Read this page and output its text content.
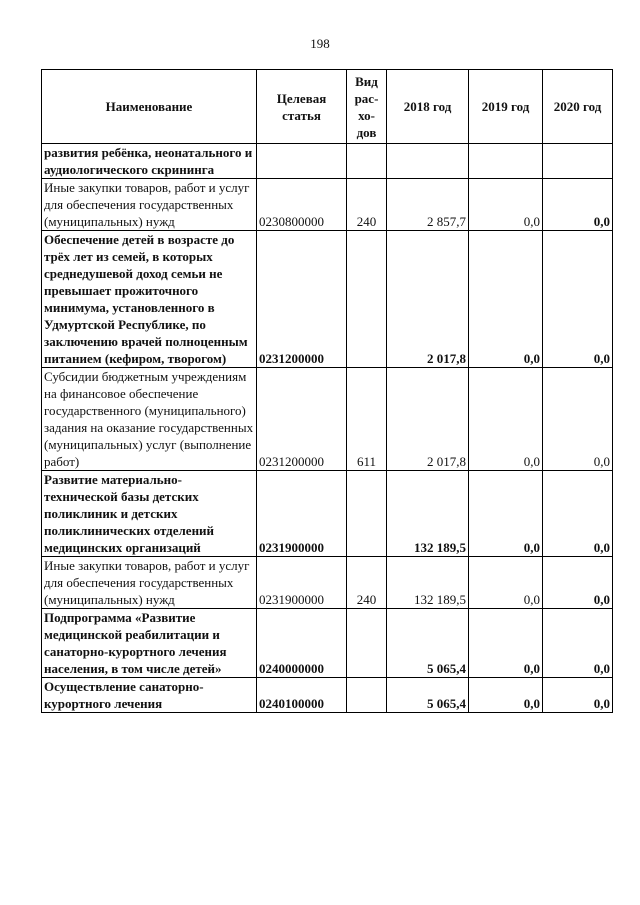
198
Наименование	Целевая статья	Вид рас-хо-дов	2018 год	2019 год	2020 год
развития ребёнка, неонатального и аудиологического скрининга					
Иные закупки товаров, работ и услуг для обеспечения государственных (муниципальных) нужд	0230800000	240	2 857,7	0,0	0,0
Обеспечение детей в возрасте до трёх лет из семей, в которых среднедушевой доход семьи не превышает прожиточного минимума, установленного в Удмуртской Республике, по заключению врачей полноценным питанием (кефиром, творогом)	0231200000		2 017,8	0,0	0,0
Субсидии бюджетным учреждениям на финансовое обеспечение государственного (муниципального) задания на оказание государственных (муниципальных) услуг (выполнение работ)	0231200000	611	2 017,8	0,0	0,0
Развитие материально-технической базы детских поликлиник и детских поликлинических отделений медицинских организаций	0231900000		132 189,5	0,0	0,0
Иные закупки товаров, работ и услуг для обеспечения государственных (муниципальных) нужд	0231900000	240	132 189,5	0,0	0,0
Подпрограмма «Развитие медицинской реабилитации и санаторно-курортного лечения населения, в том числе детей»	0240000000		5 065,4	0,0	0,0
Осуществление санаторно-курортного лечения	0240100000		5 065,4	0,0	0,0
